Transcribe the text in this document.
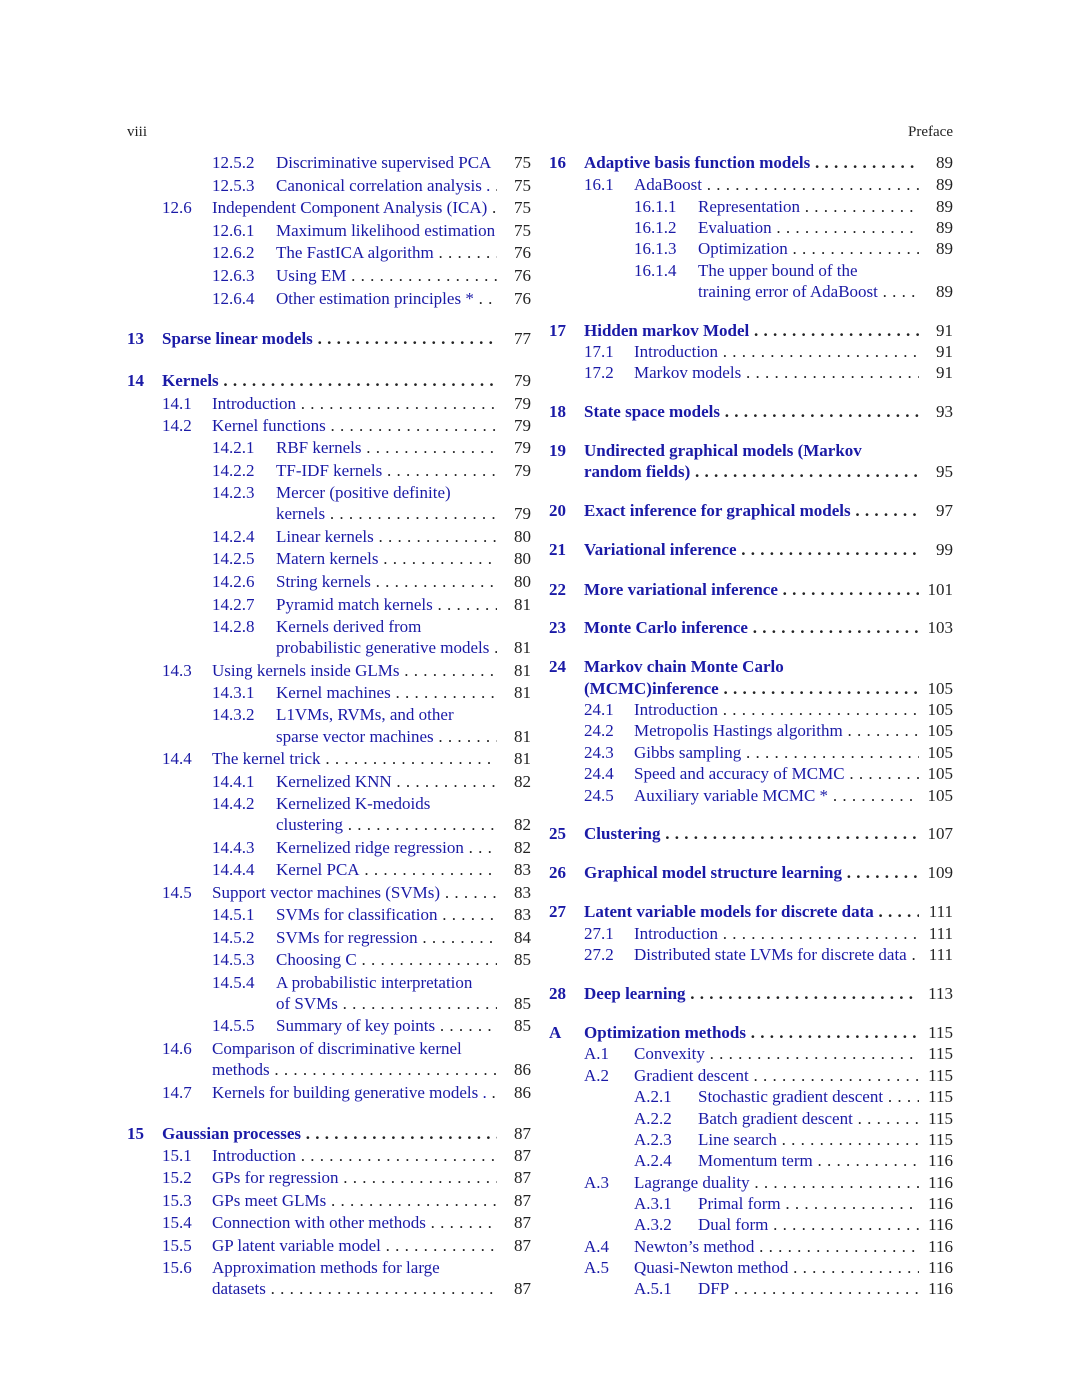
viii	Preface
12.5.2 Discriminative supervised PCA . . .	75
12.5.3 Canonical correlation analysis . . . .	75
12.6 Independent Component Analysis (ICA) . . .	75
12.6.1 Maximum likelihood estimation . . .	75
12.6.2 The FastICA algorithm . . .	76
12.6.3 Using EM . . .	76
12.6.4 Other estimation principles * . . .	76
13 Sparse linear models . . .	77
14 Kernels . . .	79
14.1 Introduction . . .	79
14.2 Kernel functions . . .	79
14.2.1 RBF kernels . . .	79
14.2.2 TF-IDF kernels . . .	79
14.2.3 Mercer (positive definite)
kernels . . .	79
14.2.4 Linear kernels . . .	80
14.2.5 Matern kernels . . .	80
14.2.6 String kernels . . .	80
14.2.7 Pyramid match kernels . . .	81
14.2.8 Kernels derived from
probabilistic generative models . . .	81
14.3 Using kernels inside GLMs . . .	81
14.3.1 Kernel machines . . .	81
14.3.2 L1VMs, RVMs, and other
sparse vector machines . . .	81
14.4 The kernel trick . . .	81
14.4.1 Kernelized KNN . . .	82
14.4.2 Kernelized K-medoids
clustering . . .	82
14.4.3 Kernelized ridge regression . . .	82
14.4.4 Kernel PCA . . .	83
14.5 Support vector machines (SVMs) . . .	83
14.5.1 SVMs for classification . . .	83
14.5.2 SVMs for regression . . .	84
14.5.3 Choosing C . . .	85
14.5.4 A probabilistic interpretation
of SVMs . . .	85
14.5.5 Summary of key points . . .	85
14.6 Comparison of discriminative kernel
methods . . .	86
14.7 Kernels for building generative models . . . .	86
15 Gaussian processes . . .	87
15.1 Introduction . . .	87
15.2 GPs for regression . . .	87
15.3 GPs meet GLMs . . .	87
15.4 Connection with other methods . . .	87
15.5 GP latent variable model . . .	87
15.6 Approximation methods for large
datasets . . .	87
16 Adaptive basis function models . . .	89
16.1 AdaBoost . . .	89
16.1.1 Representation . . .	89
16.1.2 Evaluation . . .	89
16.1.3 Optimization . . .	89
16.1.4 The upper bound of the
training error of AdaBoost . . .	89
17 Hidden markov Model . . .	91
17.1 Introduction . . .	91
17.2 Markov models . . .	91
18 State space models . . .	93
19 Undirected graphical models (Markov
random fields) . . .	95
20 Exact inference for graphical models . . .	97
21 Variational inference . . .	99
22 More variational inference . . .	101
23 Monte Carlo inference . . .	103
24 Markov chain Monte Carlo
(MCMC)inference . . .	105
24.1 Introduction . . .	105
24.2 Metropolis Hastings algorithm . . .	105
24.3 Gibbs sampling . . .	105
24.4 Speed and accuracy of MCMC . . .	105
24.5 Auxiliary variable MCMC * . . .	105
25 Clustering . . .	107
26 Graphical model structure learning . . .	109
27 Latent variable models for discrete data . . .	111
27.1 Introduction . . .	111
27.2 Distributed state LVMs for discrete data . . .	111
28 Deep learning . . .	113
A Optimization methods . . .	115
A.1 Convexity . . .	115
A.2 Gradient descent . . .	115
A.2.1 Stochastic gradient descent . . .	115
A.2.2 Batch gradient descent . . .	115
A.2.3 Line search . . .	115
A.2.4 Momentum term . . .	116
A.3 Lagrange duality . . .	116
A.3.1 Primal form . . .	116
A.3.2 Dual form . . .	116
A.4 Newton’s method . . .	116
A.5 Quasi-Newton method . . .	116
A.5.1 DFP . . .	116
